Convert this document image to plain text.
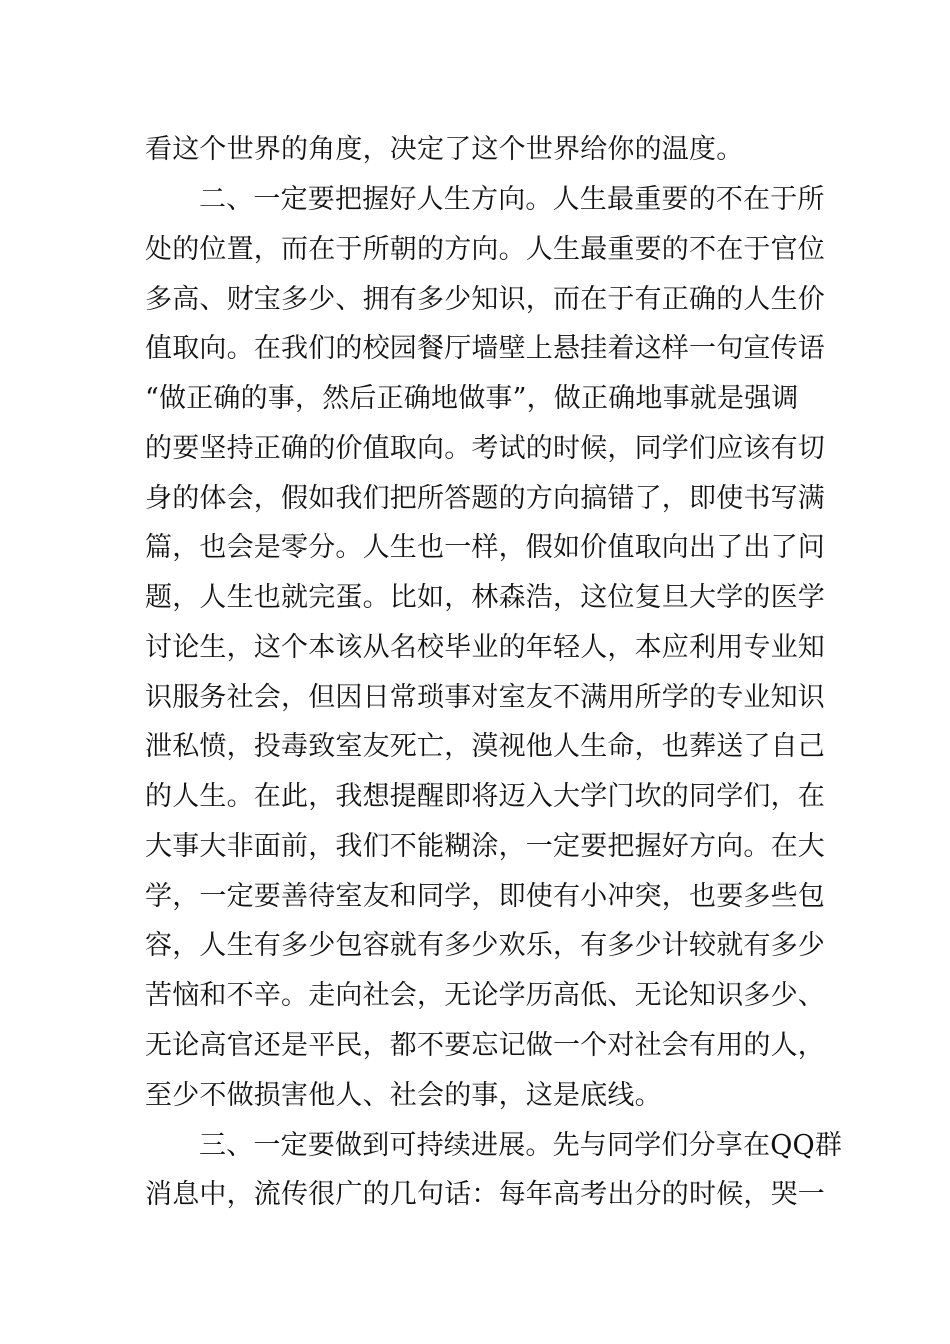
看这个世界的角度，决定了这个世界给你的温度。
二、一定要把握好人生方向。人生最重要的不在于所
处的位置，而在于所朝的方向。人生最重要的不在于官位
多高、财宝多少、拥有多少知识，而在于有正确的人生价
值取向。在我们的校园餐厅墙壁上悬挂着这样一句宣传语
“做正确的事，然后正确地做事”，做正确地事就是强调
的要坚持正确的价值取向。考试的时候，同学们应该有切
身的体会，假如我们把所答题的方向搞错了，即使书写满
篇，也会是零分。人生也一样，假如价值取向出了出了问
题，人生也就完蛋。比如，林森浩，这位复旦大学的医学
讨论生，这个本该从名校毕业的年轻人，本应利用专业知
识服务社会，但因日常琐事对室友不满用所学的专业知识
泄私愤，投毒致室友死亡，漠视他人生命，也葬送了自己
的人生。在此，我想提醒即将迈入大学门坎的同学们，在
大事大非面前，我们不能糊涂，一定要把握好方向。在大
学，一定要善待室友和同学，即使有小冲突，也要多些包
容，人生有多少包容就有多少欢乐，有多少计较就有多少
苦恼和不辛。走向社会，无论学历高低、无论知识多少、
无论高官还是平民，都不要忘记做一个对社会有用的人，
至少不做损害他人、社会的事，这是底线。
三、一定要做到可持续进展。先与同学们分享在QQ群
消息中，流传很广的几句话：每年高考出分的时候，哭一
